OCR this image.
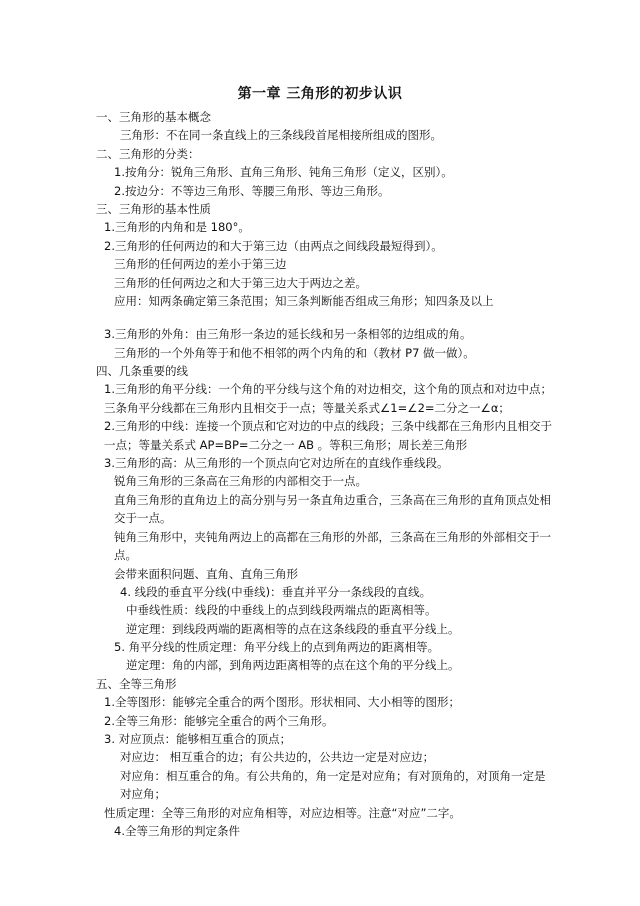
第一章 三角形的初步认识
一、三角形的基本概念
三角形：不在同一条直线上的三条线段首尾相接所组成的图形。
二、三角形的分类：
1.按角分：锐角三角形、直角三角形、钝角三角形（定义，区别）。
2.按边分：不等边三角形、等腰三角形、等边三角形。
三、三角形的基本性质
1.三角形的内角和是 180°。
2.三角形的任何两边的和大于第三边（由两点之间线段最短得到）。
三角形的任何两边的差小于第三边
三角形的任何两边之和大于第三边大于两边之差。
应用：知两条确定第三条范围；知三条判断能否组成三角形；知四条及以上
3.三角形的外角：由三角形一条边的延长线和另一条相邻的边组成的角。
三角形的一个外角等于和他不相邻的两个内角的和（教材 P7 做一做）。
四、几条重要的线
1.三角形的角平分线：一个角的平分线与这个角的对边相交，这个角的顶点和对边中点；三条角平分线都在三角形内且相交于一点；等量关系式∠1=∠2=二分之一∠α；
2.三角形的中线：连接一个顶点和它对边的中点的线段；三条中线都在三角形内且相交于一点；等量关系式 AP=BP=二分之一 AB 。等积三角形；周长差三角形
3.三角形的高：从三角形的一个顶点向它对边所在的直线作垂线段。
锐角三角形的三条高在三角形的内部相交于一点。
直角三角形的直角边上的高分别与另一条直角边重合，三条高在三角形的直角顶点处相交于一点。
钝角三角形中，夹钝角两边上的高都在三角形的外部，三条高在三角形的外部相交于一点。
会带来面积问题、直角、直角三角形
4. 线段的垂直平分线(中垂线)：垂直并平分一条线段的直线。
中垂线性质：线段的中垂线上的点到线段两端点的距离相等。
逆定理：到线段两端的距离相等的点在这条线段的垂直平分线上。
5. 角平分线的性质定理：角平分线上的点到角两边的距离相等。
逆定理：角的内部，到角两边距离相等的点在这个角的平分线上。
五、全等三角形
1.全等图形：能够完全重合的两个图形。形状相同、大小相等的图形；
2.全等三角形：能够完全重合的两个三角形。
3. 对应顶点：能够相互重合的顶点；
对应边： 相互重合的边；有公共边的，公共边一定是对应边；
对应角：相互重合的角。有公共角的，角一定是对应角；有对顶角的，对顶角一定是对应角；
性质定理：全等三角形的对应角相等，对应边相等。注意“对应”二字。
4.全等三角形的判定条件
